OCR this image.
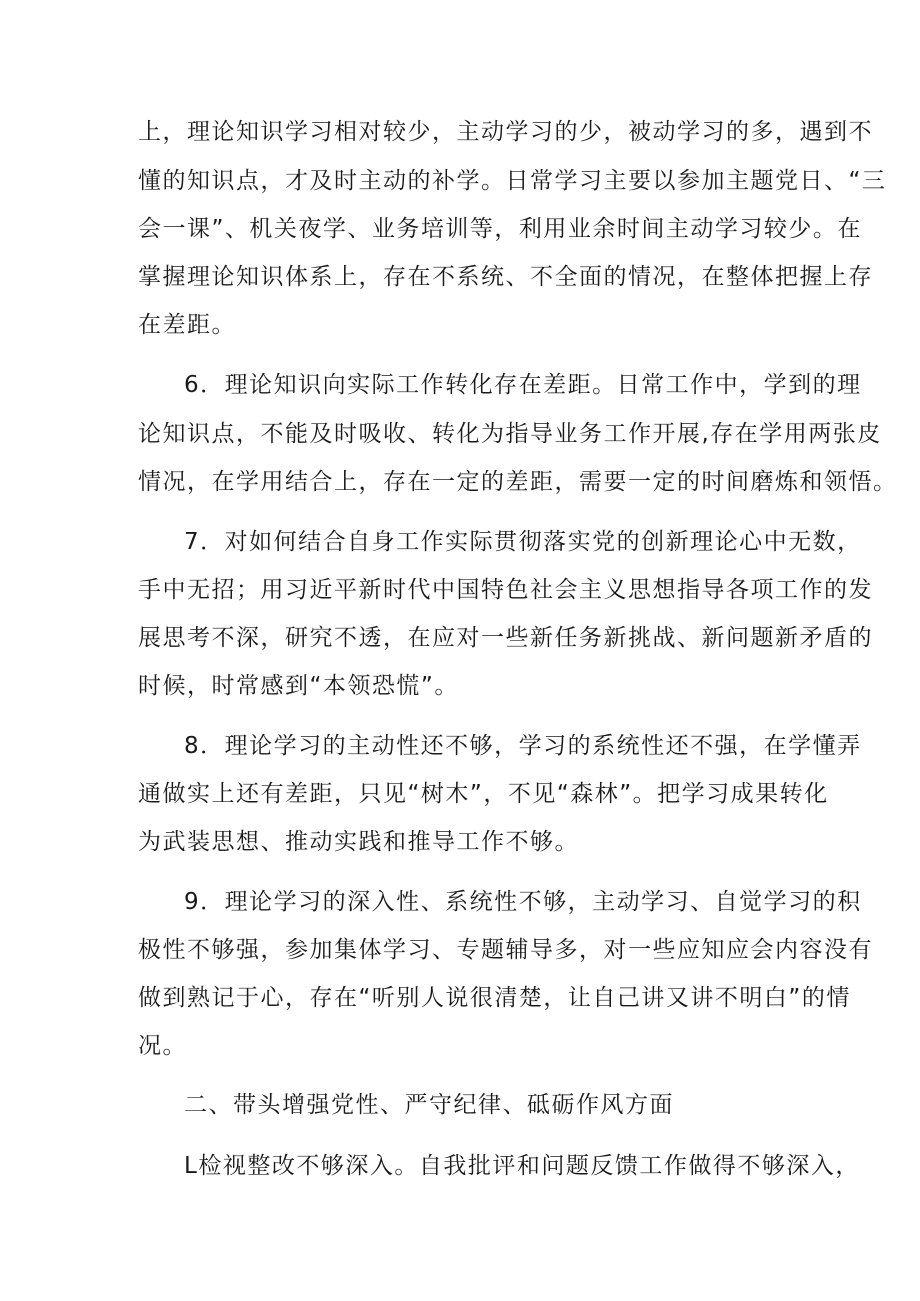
上，理论知识学习相对较少，主动学习的少，被动学习的多，遇到不
懂的知识点，才及时主动的补学。日常学习主要以参加主题党日、“三
会一课”、机关夜学、业务培训等，利用业余时间主动学习较少。在
掌握理论知识体系上，存在不系统、不全面的情况，在整体把握上存
在差距。
6．理论知识向实际工作转化存在差距。日常工作中，学到的理
论知识点，不能及时吸收、转化为指导业务工作开展,存在学用两张皮
情况，在学用结合上，存在一定的差距，需要一定的时间磨炼和领悟。
7．对如何结合自身工作实际贯彻落实党的创新理论心中无数，
手中无招；用习近平新时代中国特色社会主义思想指导各项工作的发
展思考不深，研究不透，在应对一些新任务新挑战、新问题新矛盾的
时候，时常感到“本领恐慌”。
8．理论学习的主动性还不够，学习的系统性还不强，在学懂弄
通做实上还有差距，只见“树木”，不见“森林”。把学习成果转化
为武装思想、推动实践和推导工作不够。
9．理论学习的深入性、系统性不够，主动学习、自觉学习的积
极性不够强，参加集体学习、专题辅导多，对一些应知应会内容没有
做到熟记于心，存在“听别人说很清楚，让自己讲又讲不明白”的情
况。
二、带头增强党性、严守纪律、砥砺作风方面
L检视整改不够深入。自我批评和问题反馈工作做得不够深入，
